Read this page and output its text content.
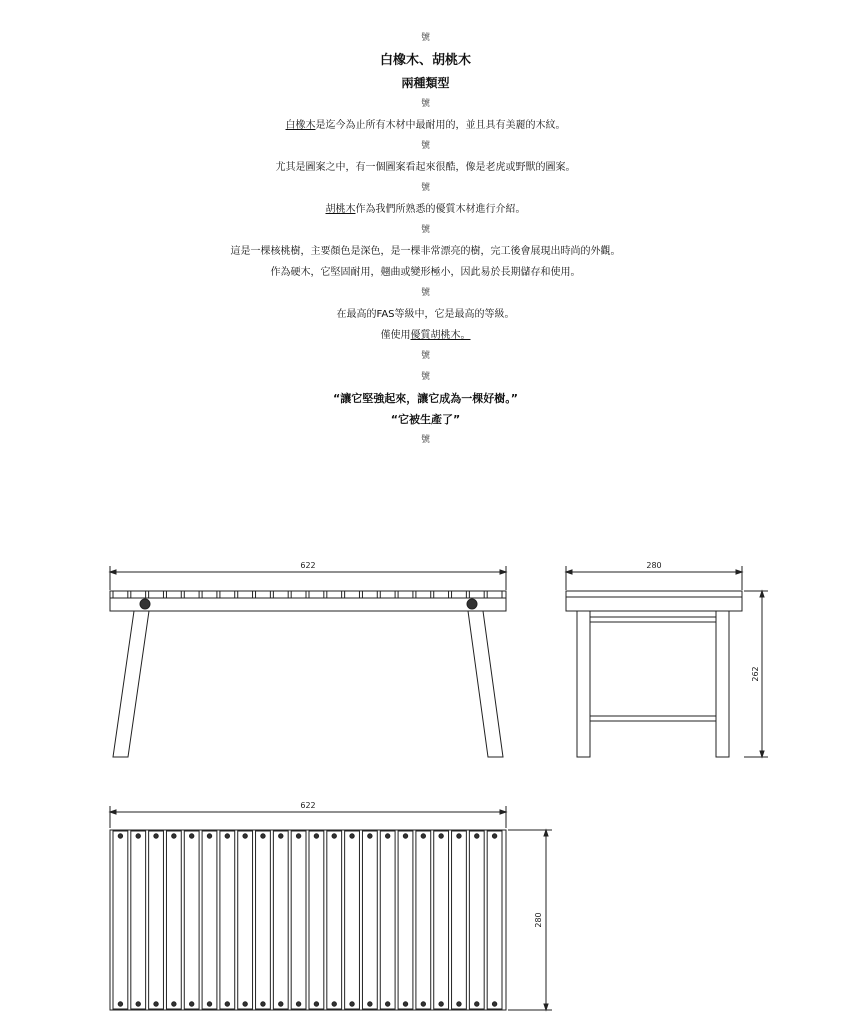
號
白橡木、胡桃木
兩種類型
號
白橡木是迄今為止所有木材中最耐用的，並且具有美麗的木紋。
號
尤其是圖案之中，有一個圖案看起來很酷，像是老虎或野獸的圖案。
號
胡桃木作為我們所熟悉的優質木材進行介紹。
號
這是一棵核桃樹，主要顏色是深色，是一棵非常漂亮的樹，完工後會展現出時尚的外觀。
作為硬木，它堅固耐用，翹曲或變形極小，因此易於長期儲存和使用。
號
在最高的FAS等級中，它是最高的等級。
僅使用優質胡桃木。
號
號
“讓它堅強起來，讓它成為一棵好樹。”
“它被生產了”
號
622	280
262
622
280
